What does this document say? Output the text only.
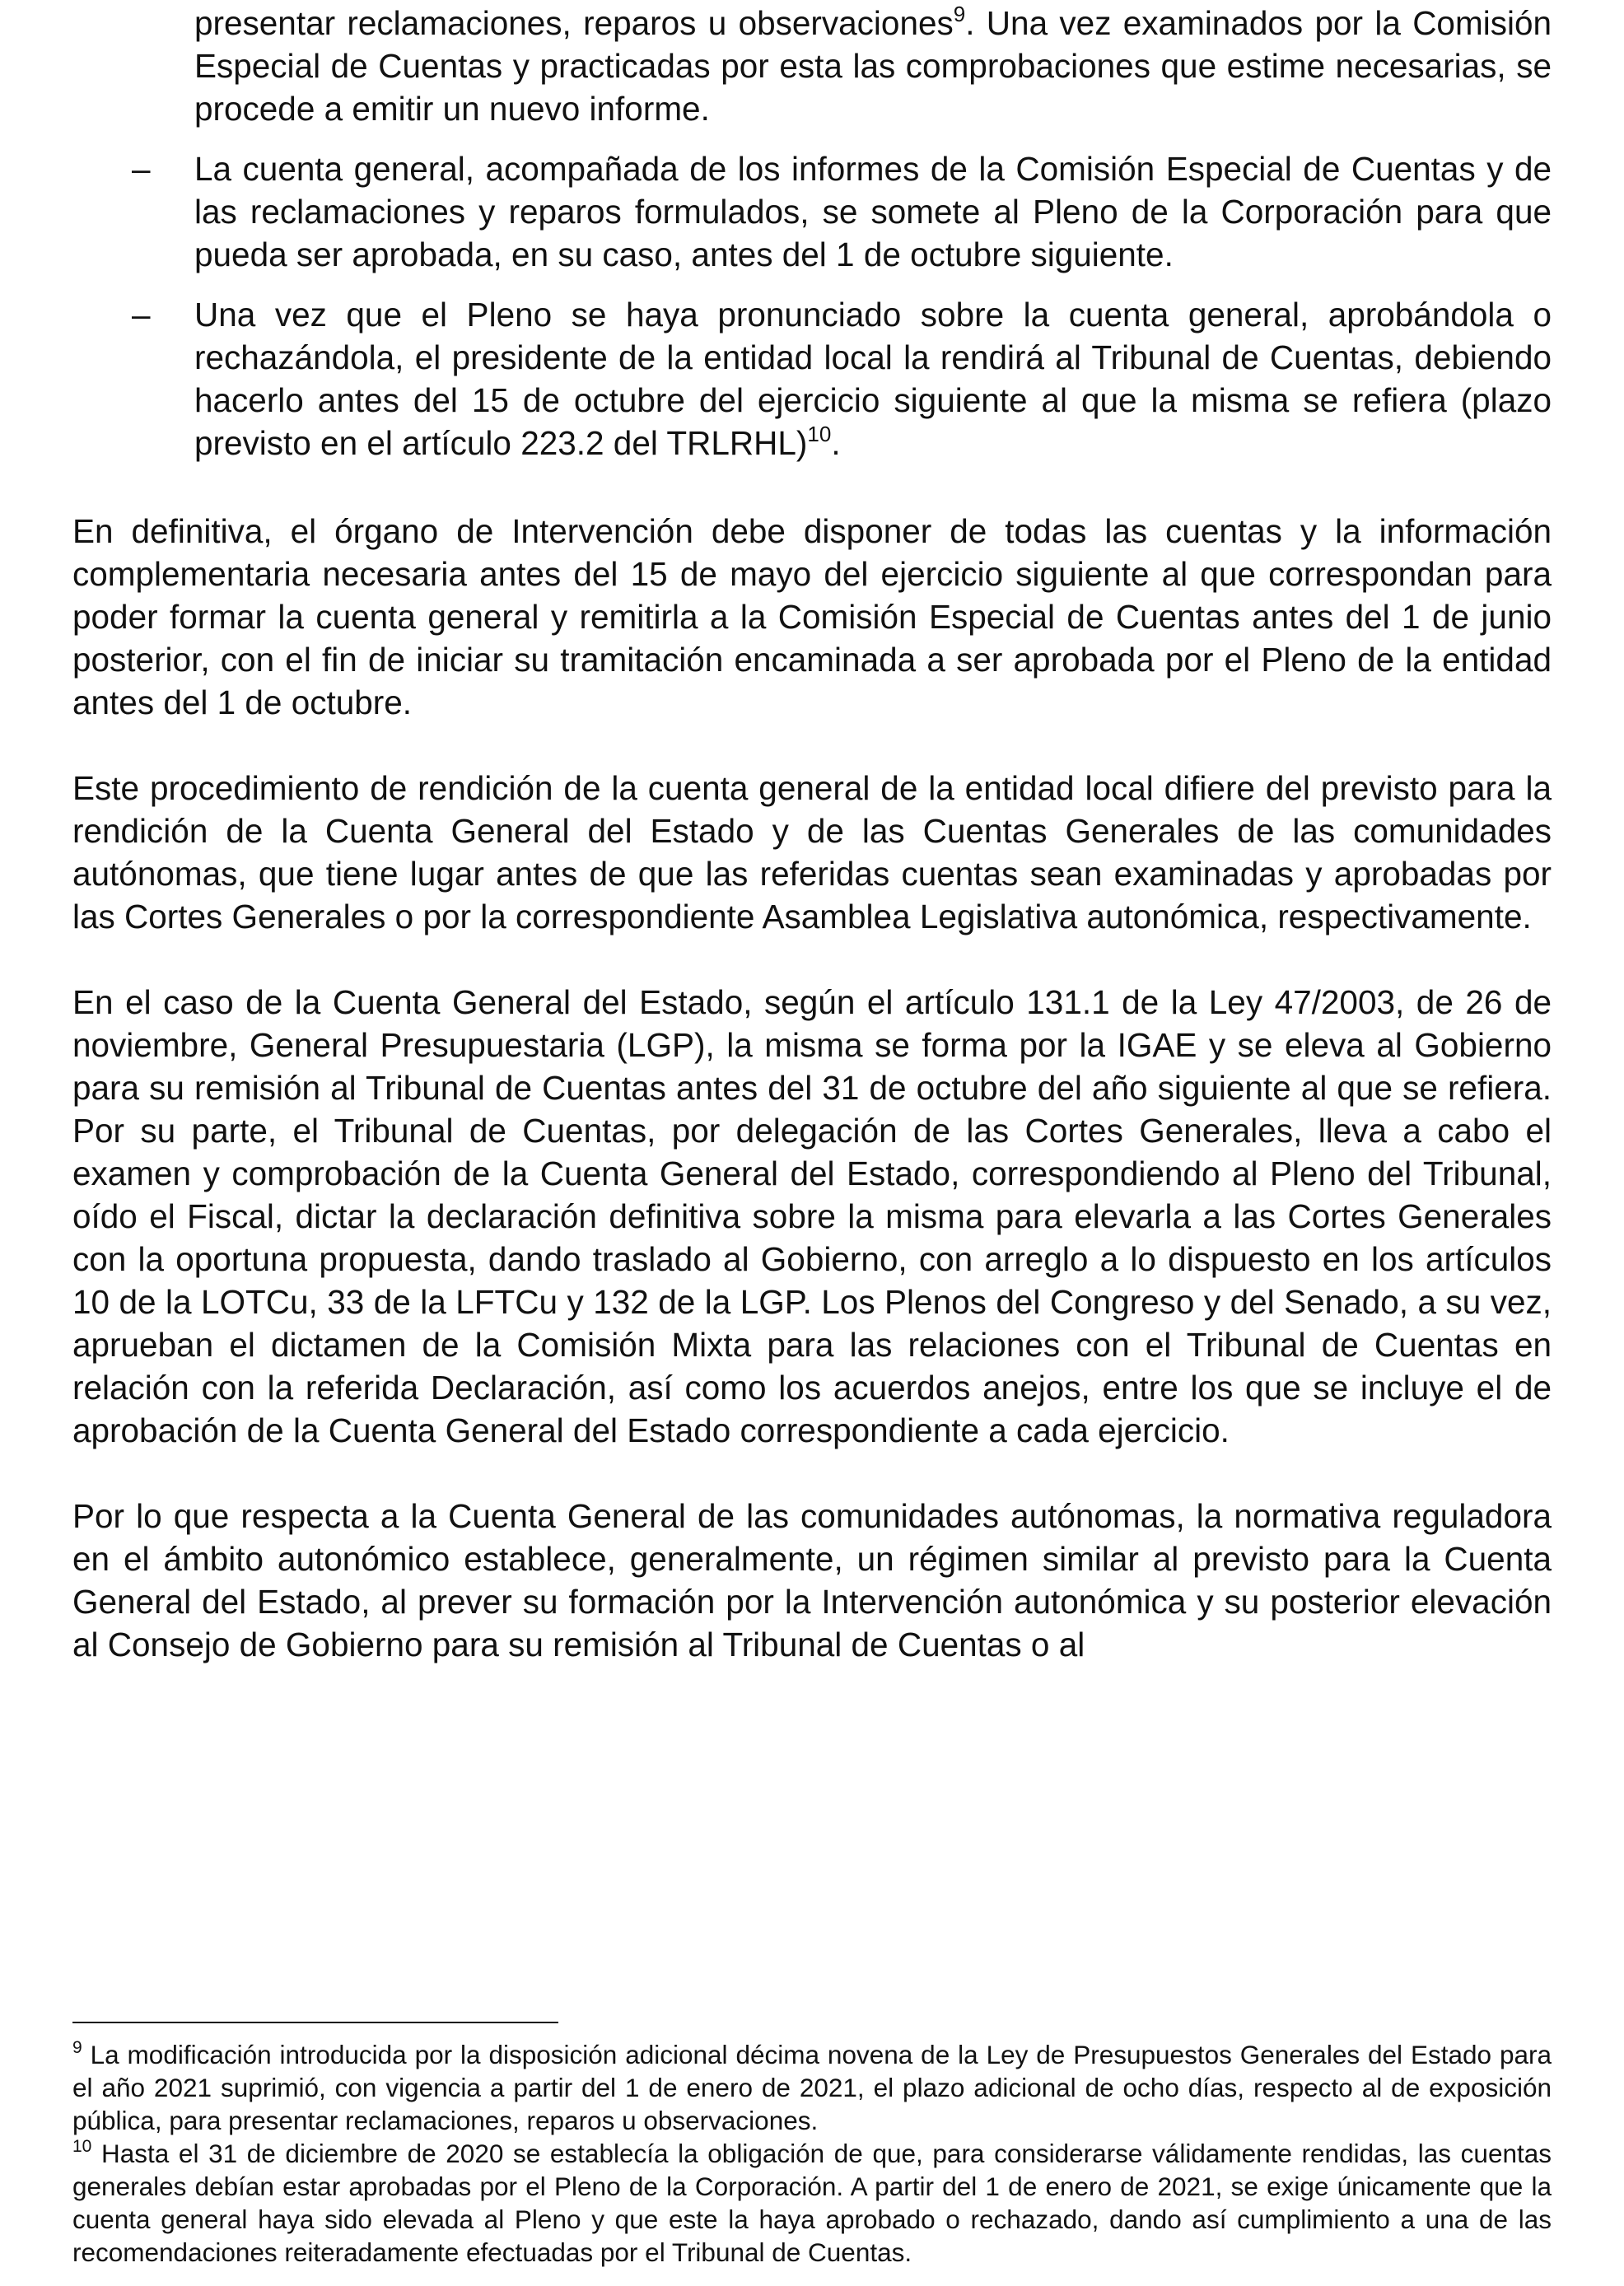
presentar reclamaciones, reparos u observaciones$^9$. Una vez examinados por la Comisión Especial de Cuentas y practicadas por esta las comprobaciones que estime necesarias, se procede a emitir un nuevo informe.

– La cuenta general, acompañada de los informes de la Comisión Especial de Cuentas y de las reclamaciones y reparos formulados, se somete al Pleno de la Corporación para que pueda ser aprobada, en su caso, antes del 1 de octubre siguiente.
– Una vez que el Pleno se haya pronunciado sobre la cuenta general, aprobándola o rechazándola, el presidente de la entidad local la rendirá al Tribunal de Cuentas, debiendo hacerlo antes del 15 de octubre del ejercicio siguiente al que la misma se refiera (plazo previsto en el artículo 223.2 del TRLRHL)$^{10}$.

En definitiva, el órgano de Intervención debe disponer de todas las cuentas y la información complementaria necesaria antes del 15 de mayo del ejercicio siguiente al que correspondan para poder formar la cuenta general y remitirla a la Comisión Especial de Cuentas antes del 1 de junio posterior, con el fin de iniciar su tramitación encaminada a ser aprobada por el Pleno de la entidad antes del 1 de octubre.

Este procedimiento de rendición de la cuenta general de la entidad local difiere del previsto para la rendición de la Cuenta General del Estado y de las Cuentas Generales de las comunidades autónomas, que tiene lugar antes de que las referidas cuentas sean examinadas y aprobadas por las Cortes Generales o por la correspondiente Asamblea Legislativa autonómica, respectivamente.

En el caso de la Cuenta General del Estado, según el artículo 131.1 de la Ley 47/2003, de 26 de noviembre, General Presupuestaria (LGP), la misma se forma por la IGAE y se eleva al Gobierno para su remisión al Tribunal de Cuentas antes del 31 de octubre del año siguiente al que se refiera. Por su parte, el Tribunal de Cuentas, por delegación de las Cortes Generales, lleva a cabo el examen y comprobación de la Cuenta General del Estado, correspondiendo al Pleno del Tribunal, oído el Fiscal, dictar la declaración definitiva sobre la misma para elevarla a las Cortes Generales con la oportuna propuesta, dando traslado al Gobierno, con arreglo a lo dispuesto en los artículos 10 de la LOTCu, 33 de la LFTCu y 132 de la LGP. Los Plenos del Congreso y del Senado, a su vez, aprueban el dictamen de la Comisión Mixta para las relaciones con el Tribunal de Cuentas en relación con la referida Declaración, así como los acuerdos anejos, entre los que se incluye el de aprobación de la Cuenta General del Estado correspondiente a cada ejercicio.

Por lo que respecta a la Cuenta General de las comunidades autónomas, la normativa reguladora en el ámbito autonómico establece, generalmente, un régimen similar al previsto para la Cuenta General del Estado, al prever su formación por la Intervención autonómica y su posterior elevación al Consejo de Gobierno para su remisión al Tribunal de Cuentas o al

$^9$ La modificación introducida por la disposición adicional décima novena de la Ley de Presupuestos Generales del Estado para el año 2021 suprimió, con vigencia a partir del 1 de enero de 2021, el plazo adicional de ocho días, respecto al de exposición pública, para presentar reclamaciones, reparos u observaciones.

$^{10}$ Hasta el 31 de diciembre de 2020 se establecía la obligación de que, para considerarse válidamente rendidas, las cuentas generales debían estar aprobadas por el Pleno de la Corporación. A partir del 1 de enero de 2021, se exige únicamente que la cuenta general haya sido elevada al Pleno y que este la haya aprobado o rechazado, dando así cumplimiento a una de las recomendaciones reiteradamente efectuadas por el Tribunal de Cuentas.
